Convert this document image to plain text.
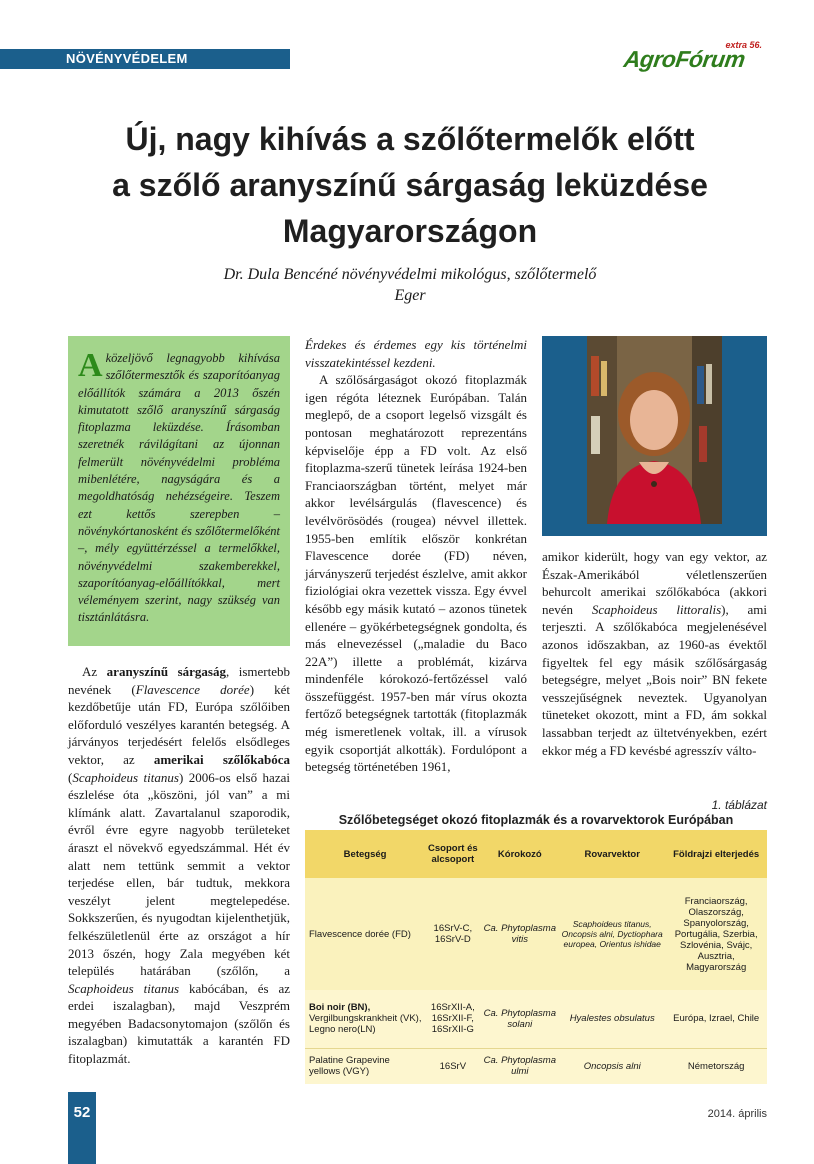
NÖVÉNYVÉDELEM
extra 56.
AgroFórum
Új, nagy kihívás a szőlőtermelők előtt
a szőlő aranyszínű sárgaság leküzdése
Magyarországon
Dr. Dula Bencéné növényvédelmi mikológus, szőlőtermelő
Eger
A közeljövő legnagyobb kihívása szőlőtermesztők és szaporítóanyag előállítók számára a 2013 őszén kimutatott szőlő aranyszínű sárgaság fitoplazma leküzdése. Írásomban szeretnék rávilágítani az újonnan felmerült növényvédelmi probléma mibenlétére, nagyságára és a megoldhatóság nehézségeire. Teszem ezt kettős szerepben – növénykórtanosként és szőlőtermelőként –, mély együttérzéssel a termelőkkel, növényvédelmi szakemberekkel, szaporítóanyag-előállítókkal, mert véleményem szerint, nagy szükség van tisztánlátásra.

Az aranyszínű sárgaság, ismertebb nevének (Flavescence dorée) két kezdőbetűje után FD, Európa szőlőiben előforduló veszélyes karantén betegség. A járványos terjedésért felelős elsődleges vektor, az amerikai szőlőkabóca (Scaphoideus titanus) 2006-os első hazai észlelése óta „köszöni, jól van” a mi klímánk alatt. Zavartalanul szaporodik, évről évre egyre nagyobb területeket áraszt el növekvő egyedszámmal. Hét év alatt nem tettünk semmit a vektor terjedése ellen, bár tudtuk, mekkora veszélyt jelent megtelepedése. Sokkszerűen, és nyugodtan kijelenthetjük, felkészületlenül érte az országot a hír 2013 őszén, hogy Zala megyében két település határában (szőlőn, a Scaphoideus titanus kabócában, és az erdei iszalagban), majd Veszprém megyében Badacsonytomajon (szőlőn és iszalagban) kimutatták a karantén FD fitoplazmát.

Érdekes és érdemes egy kis történelmi visszatekintéssel kezdeni.

A szőlősárgaságot okozó fitoplazmák igen régóta léteznek Európában. Talán meglepő, de a csoport legelső vizsgált és pontosan meghatározott reprezentáns képviselője épp a FD volt. Az első fitoplazma-szerű tünetek leírása 1924-ben Franciaországban történt, melyet már akkor levélsárgulás (flavescence) és levélvörösödés (rougea) névvel illettek. 1955-ben említik először konkrétan Flavescence dorée (FD) néven, járványszerű terjedést észlelve, amit akkor fiziológiai okra vezettek vissza. Egy évvel később egy másik kutató – azonos tünetek ellenére – gyökérbetegségnek gondolta, és más elnevezéssel („maladie du Baco 22A”) illette a problémát, kizárva mindenféle kórokozó-fertőzéssel való összefüggést. 1957-ben már vírus okozta fertőző betegségnek tartották (fitoplazmák még ismeretlenek voltak, ill. a vírusok egyik csoportját alkották). Fordulópont a betegség történetében 1961,

amikor kiderült, hogy van egy vektor, az Észak-Amerikából véletlenszerűen behurcolt amerikai szőlőkabóca (akkori nevén Scaphoideus littoralis), ami terjeszti. A szőlőkabóca megjelenésével azonos időszakban, az 1960-as évektől figyeltek fel egy másik szőlősárgaság betegségre, melyet „Bois noir” BN fekete vesszejűségnek neveztek. Ugyanolyan tüneteket okozott, mint a FD, ám sokkal lassabban terjedt az ültetvényekben, ezért ekkor még a FD kevésbé agresszív válto-

1. táblázat
Szőlőbetegséget okozó fitoplazmák és a rovarvektorok Európában
Betegség	Csoport és alcsoport	Kórokozó	Rovarvektor	Földrajzi elterjedés
Flavescence dorée (FD)	16SrV-C, 16SrV-D	Ca. Phytoplasma vitis	Scaphoideus titanus, Oncopsis alni, Dyctiophara europea, Orientus ishidae	Franciaország, Olaszország, Spanyolország, Portugália, Szerbia, Szlovénia, Svájc, Ausztria, Magyarország
Boi noir (BN),
Vergilbungskrankheit (VK), Legno nero(LN)	16SrXII-A, 16SrXII-F, 16SrXII-G	Ca. Phytoplasma solani	Hyalestes obsulatus	Európa, Izrael, Chile
Palatine Grapevine yellows (VGY)	16SrV	Ca. Phytoplasma ulmi	Oncopsis alni	Németország
52	2014. április
